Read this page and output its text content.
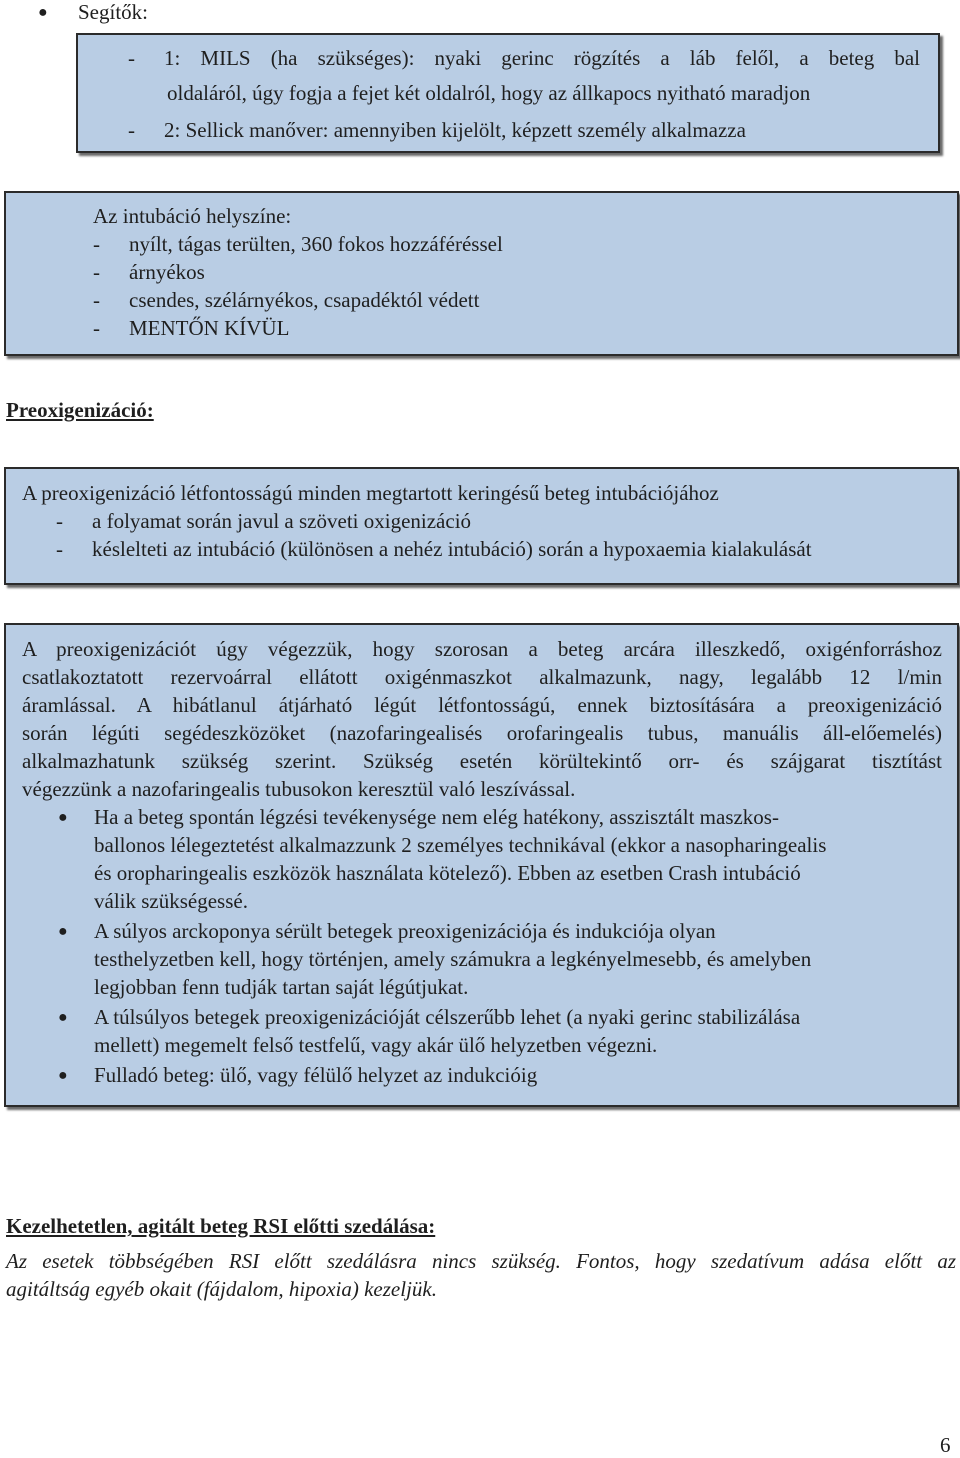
● Segítők:
- 1: MILS (ha szükséges): nyaki gerinc rögzítés a láb felől, a beteg bal
oldaláról, úgy fogja a fejet két oldalról, hogy az állkapocs nyitható maradjon
- 2: Sellick manőver: amennyiben kijelölt, képzett személy alkalmazza
Az intubáció helyszíne:
- nyílt, tágas terülten, 360 fokos hozzáféréssel
- árnyékos
- csendes, szélárnyékos, csapadéktól védett
- MENTŐN KÍVÜL
Preoxigenizáció:
A preoxigenizáció létfontosságú minden megtartott keringésű beteg intubációjához
- a folyamat során javul a szöveti oxigenizáció
- késlelteti az intubáció (különösen a nehéz intubáció) során a hypoxaemia kialakulását
A preoxigenizációt úgy végezzük, hogy szorosan a beteg arcára illeszkedő, oxigénforráshoz
csatlakoztatott rezervoárral ellátott oxigénmaszkot alkalmazunk, nagy, legalább 12 l/min
áramlással. A hibátlanul átjárható légút létfontosságú, ennek biztosítására a preoxigenizáció
során légúti segédeszközöket (nazofaringealisés orofaringealis tubus, manuális áll-előemelés)
alkalmazhatunk szükség szerint. Szükség esetén körültekintő orr- és szájgarat tisztítást
végezzünk a nazofaringealis tubusokon keresztül való leszívással.
● Ha a beteg spontán légzési tevékenysége nem elég hatékony, asszisztált maszkos-
ballonos lélegeztetést alkalmazzunk 2 személyes technikával (ekkor a nasopharingealis
és oropharingealis eszközök használata kötelező). Ebben az esetben Crash intubáció
válik szükségessé.
● A súlyos arckoponya sérült betegek preoxigenizációja és indukciója olyan
testhelyzetben kell, hogy történjen, amely számukra a legkényelmesebb, és amelyben
legjobban fenn tudják tartan saját légútjukat.
● A túlsúlyos betegek preoxigenizációját célszerűbb lehet (a nyaki gerinc stabilizálása
mellett) megemelt felső testfelű, vagy akár ülő helyzetben végezni.
● Fulladó beteg: ülő, vagy félülő helyzet az indukcióig
Kezelhetetlen, agitált beteg RSI előtti szedálása:
Az esetek többségében RSI előtt szedálásra nincs szükség. Fontos, hogy szedatívum adása előtt az
agitáltság egyéb okait (fájdalom, hipoxia) kezeljük.
6
